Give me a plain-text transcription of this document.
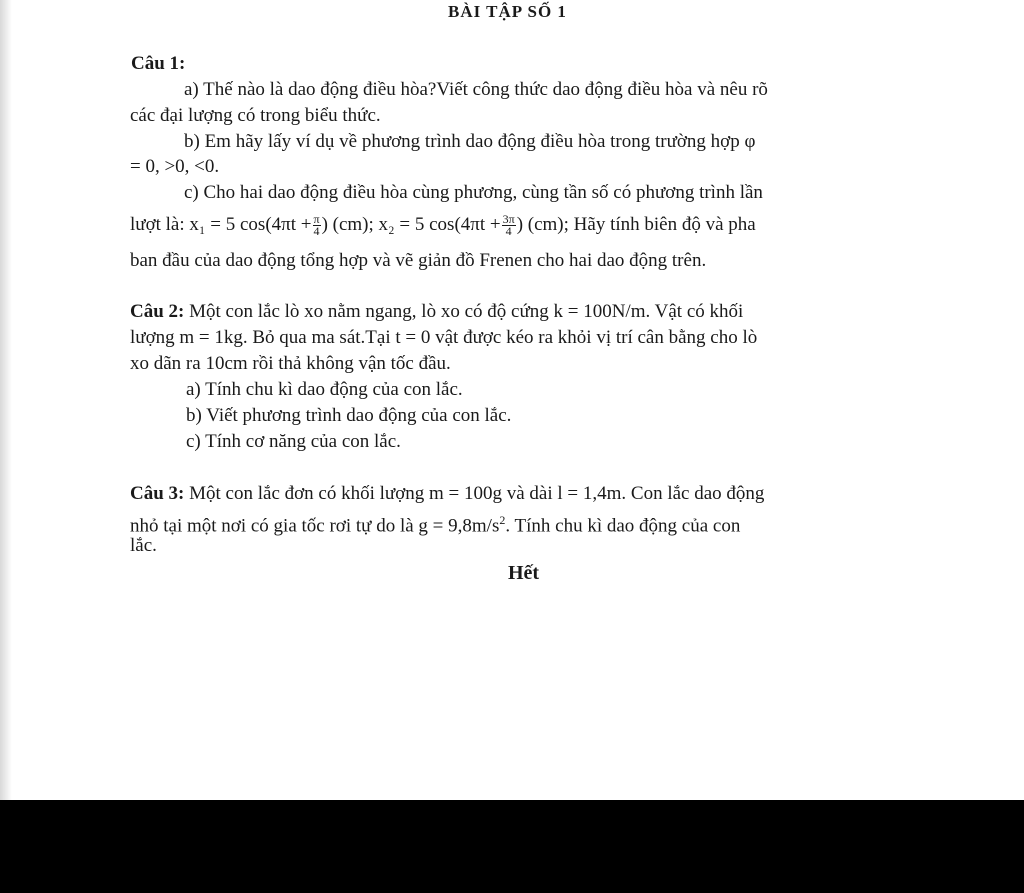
BÀI TẬP SỐ 1
Câu 1:
a) Thế nào là dao động điều hòa?Viết công thức dao động điều hòa và nêu rõ
các đại lượng có trong biểu thức.
b) Em hãy lấy ví dụ về phương trình dao động điều hòa trong trường hợp φ
= 0, >0, <0.
c) Cho hai dao động điều hòa cùng phương, cùng tần số có phương trình lần
lượt là: x₁ = 5 $\cos(4\pi t + \frac{\pi}{4}$ ) (cm); x₂ = 5 $\cos(4\pi t + \frac{3\pi}{4}$ ) (cm); Hãy tính biên độ và pha
ban đầu của dao động tổng hợp và vẽ giản đồ Frenen cho hai dao động trên.
Câu 2: Một con lắc lò xo nằm ngang, lò xo có độ cứng k = 100N/m. Vật có khối
lượng m = 1kg. Bỏ qua ma sát.Tại t = 0 vật được kéo ra khỏi vị trí cân bằng cho lò
xo dãn ra 10cm rồi thả không vận tốc đầu.
a) Tính chu kì dao động của con lắc.
b) Viết phương trình dao động của con lắc.
c) Tính cơ năng của con lắc.
Câu 3: Một con lắc đơn có khối lượng m = 100g và dài l = 1,4m. Con lắc dao động
nhỏ tại một nơi có gia tốc rơi tự do là $g = 9,8m/s^2$. Tính chu kì dao động của con
lắc.
Hết
